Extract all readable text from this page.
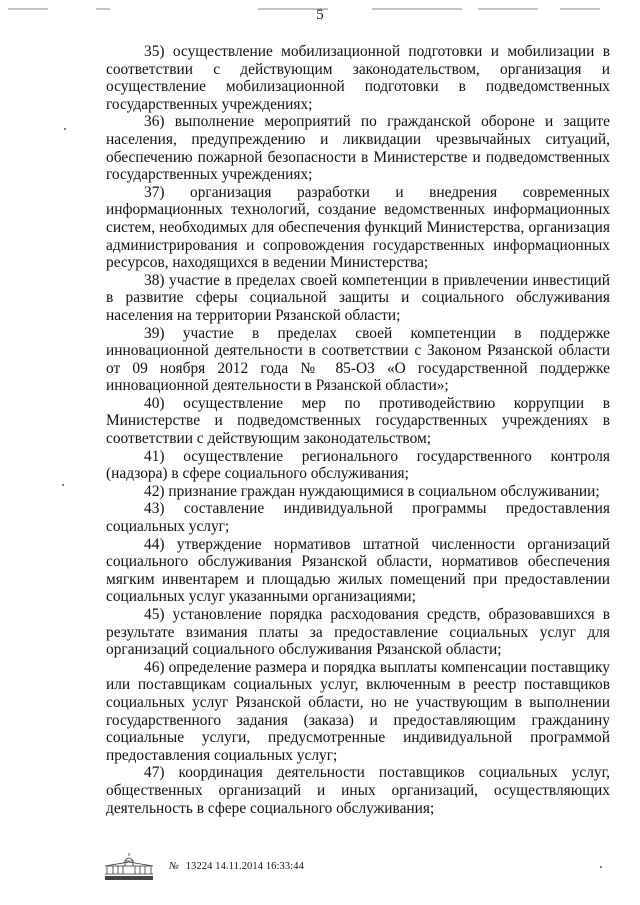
5

35) осуществление мобилизационной подготовки и мобилизации в соответствии с действующим законодательством, организация и осуществление мобилизационной подготовки в подведомственных государственных учреждениях;

36) выполнение мероприятий по гражданской обороне и защите населения, предупреждению и ликвидации чрезвычайных ситуаций, обеспечению пожарной безопасности в Министерстве и подведомственных государственных учреждениях;

37) организация разработки и внедрения современных информационных технологий, создание ведомственных информационных систем, необходимых для обеспечения функций Министерства, организация администрирования и сопровождения государственных информационных ресурсов, находящихся в ведении Министерства;

38) участие в пределах своей компетенции в привлечении инвестиций в развитие сферы социальной защиты и социального обслуживания населения на территории Рязанской области;

39) участие в пределах своей компетенции в поддержке инновационной деятельности в соответствии с Законом Рязанской области от 09 ноября 2012 года № 85-ОЗ «О государственной поддержке инновационной деятельности в Рязанской области»;

40) осуществление мер по противодействию коррупции в Министерстве и подведомственных государственных учреждениях в соответствии с действующим законодательством;

41) осуществление регионального государственного контроля (надзора) в сфере социального обслуживания;

42) признание граждан нуждающимися в социальном обслуживании;

43) составление индивидуальной программы предоставления социальных услуг;

44) утверждение нормативов штатной численности организаций социального обслуживания Рязанской области, нормативов обеспечения мягким инвентарем и площадью жилых помещений при предоставлении социальных услуг указанными организациями;

45) установление порядка расходования средств, образовавшихся в результате взимания платы за предоставление социальных услуг для организаций социального обслуживания Рязанской области;

46) определение размера и порядка выплаты компенсации поставщику или поставщикам социальных услуг, включенным в реестр поставщиков социальных услуг Рязанской области, но не участвующим в выполнении государственного задания (заказа) и предоставляющим гражданину социальные услуги, предусмотренные индивидуальной программой предоставления социальных услуг;

47) координация деятельности поставщиков социальных услуг, общественных организаций и иных организаций, осуществляющих деятельность в сфере социального обслуживания;

№ 13224 14.11.2014 16:33:44
